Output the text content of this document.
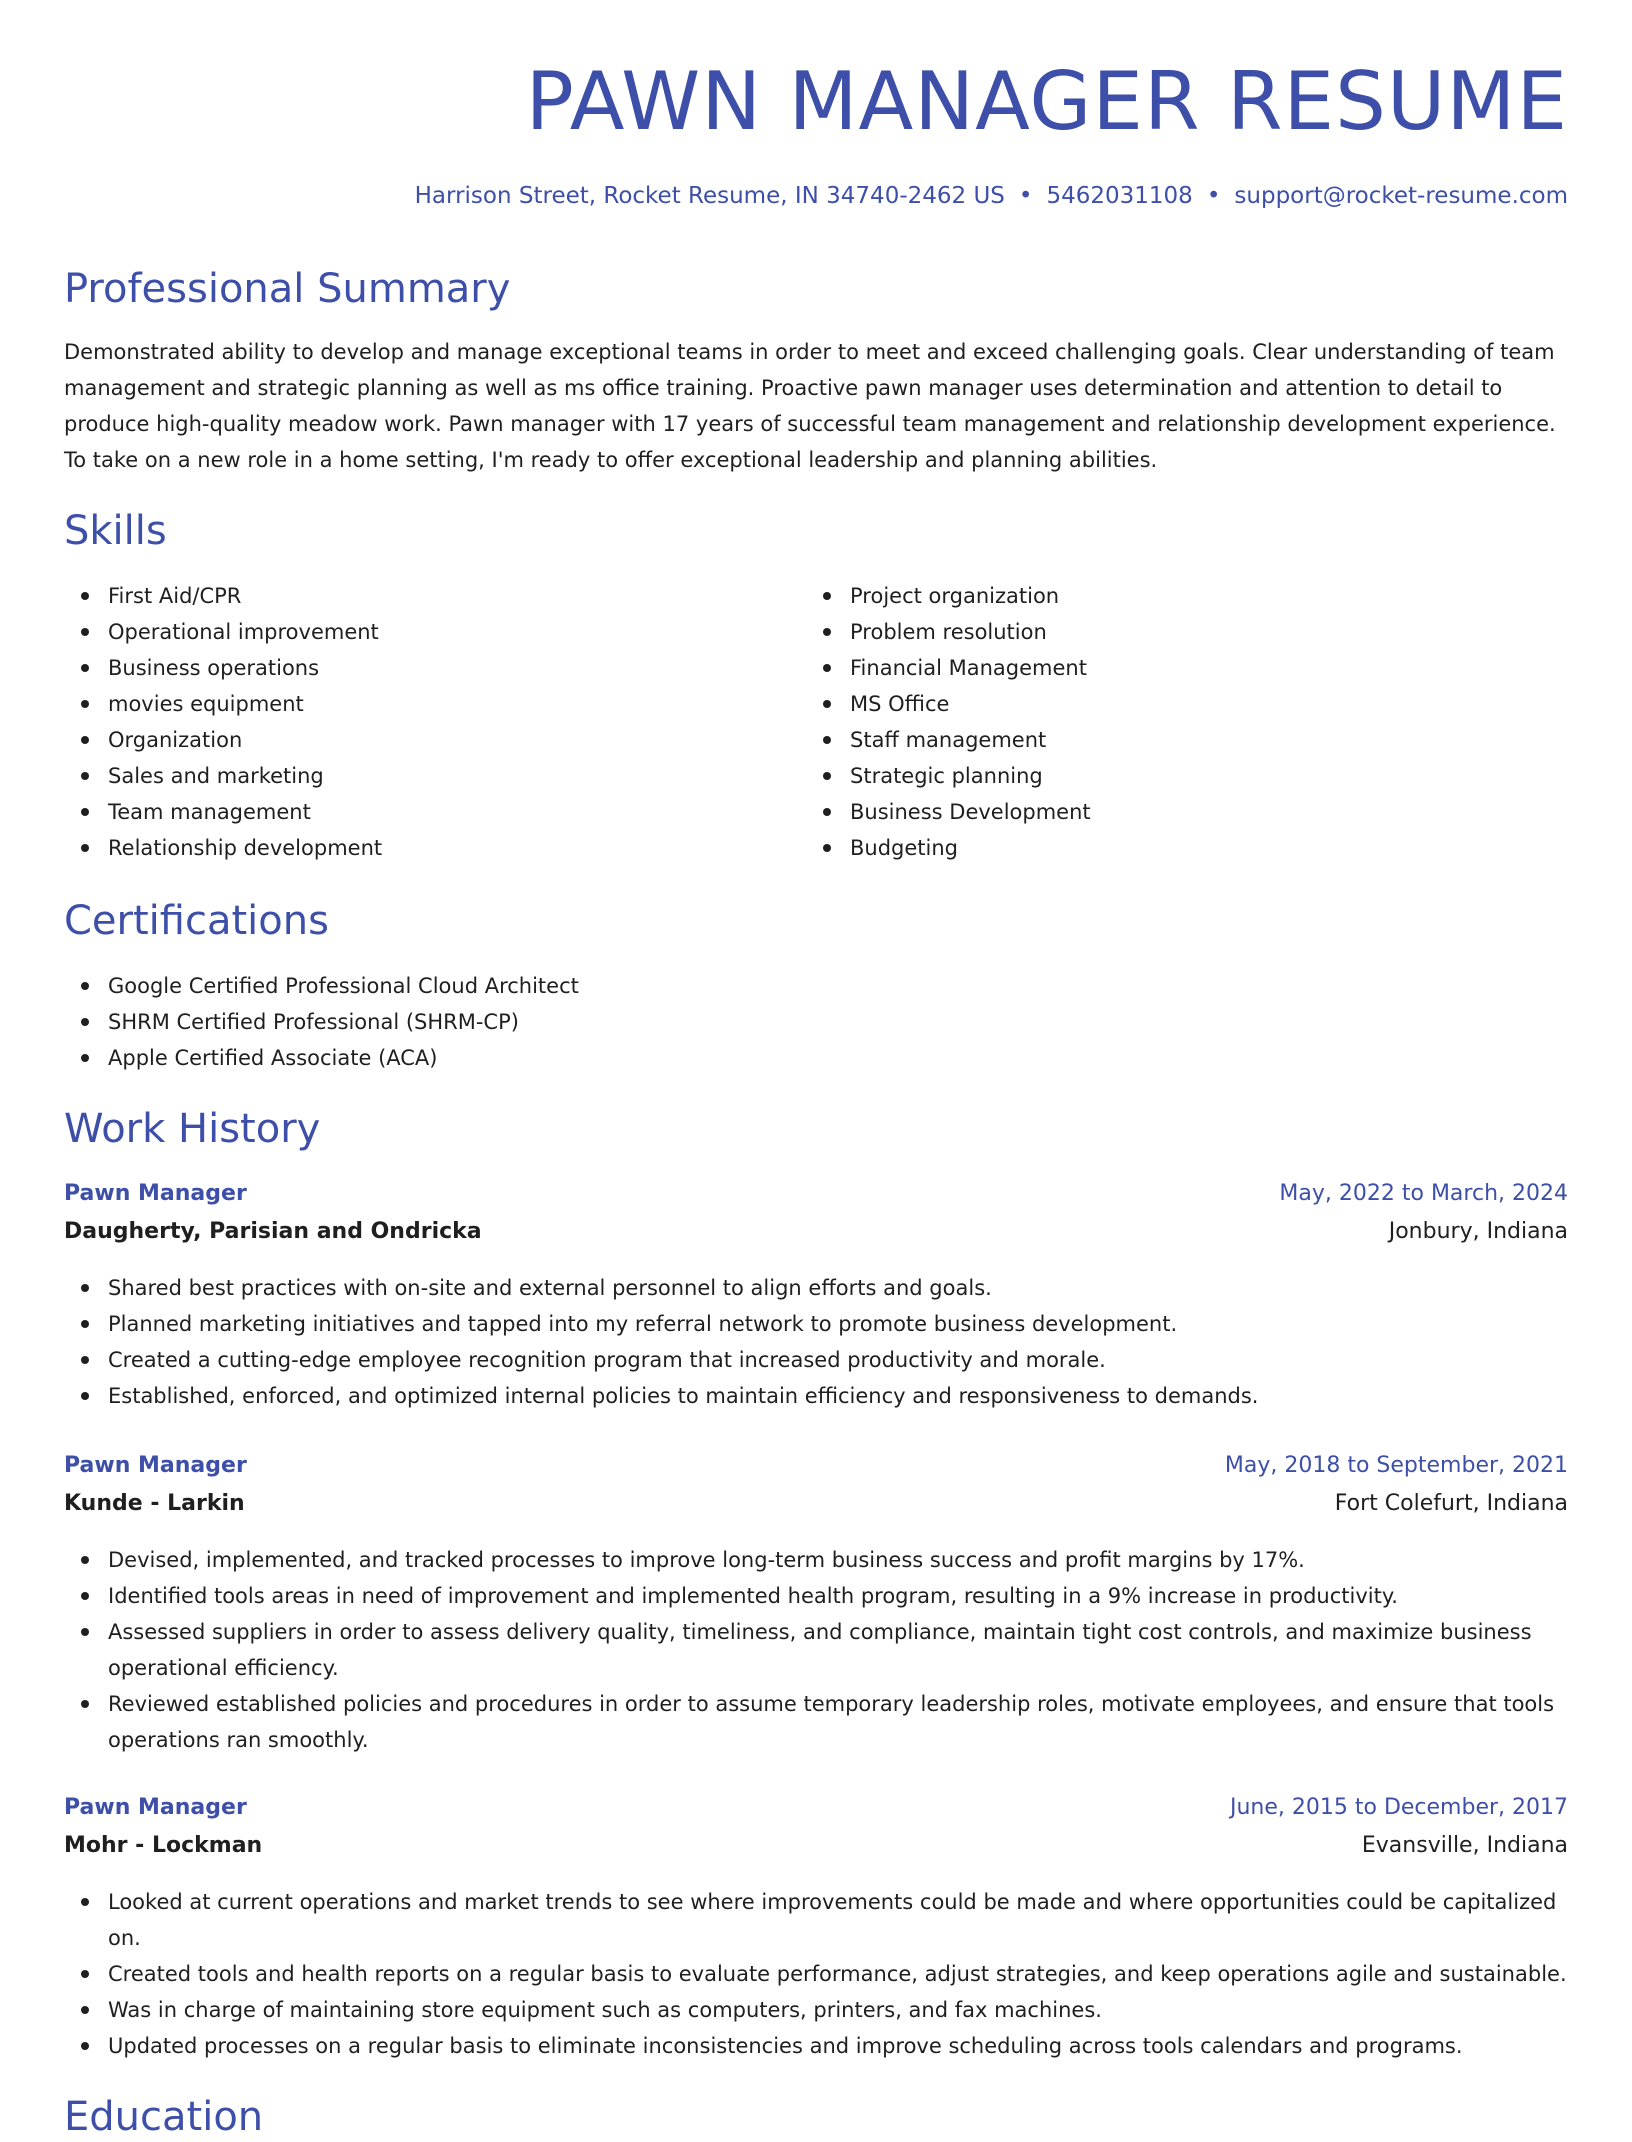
PAWN MANAGER RESUME
Harrison Street, Rocket Resume, IN 34740-2462 US • 5462031108 • support@rocket-resume.com
Professional Summary

Demonstrated ability to develop and manage exceptional teams in order to meet and exceed challenging goals. Clear understanding of team management and strategic planning as well as ms office training. Proactive pawn manager uses determination and attention to detail to produce high-quality meadow work. Pawn manager with 17 years of successful team management and relationship development experience. To take on a new role in a home setting, I'm ready to offer exceptional leadership and planning abilities.

Skills
First Aid/CPR
Operational improvement
Business operations
movies equipment
Organization
Sales and marketing
Team management
Relationship development
Project organization
Problem resolution
Financial Management
MS Office
Staff management
Strategic planning
Business Development
Budgeting
Certifications
Google Certified Professional Cloud Architect
SHRM Certified Professional (SHRM-CP)
Apple Certified Associate (ACA)
Work History
Pawn Manager	May, 2022 to March, 2024
Daugherty, Parisian and Ondricka	Jonbury, Indiana
Shared best practices with on-site and external personnel to align efforts and goals.
Planned marketing initiatives and tapped into my referral network to promote business development.
Created a cutting-edge employee recognition program that increased productivity and morale.
Established, enforced, and optimized internal policies to maintain efficiency and responsiveness to demands.
Pawn Manager	May, 2018 to September, 2021
Kunde - Larkin	Fort Colefurt, Indiana
Devised, implemented, and tracked processes to improve long-term business success and profit margins by 17%.
Identified tools areas in need of improvement and implemented health program, resulting in a 9% increase in productivity.
Assessed suppliers in order to assess delivery quality, timeliness, and compliance, maintain tight cost controls, and maximize business operational efficiency.
Reviewed established policies and procedures in order to assume temporary leadership roles, motivate employees, and ensure that tools operations ran smoothly.
Pawn Manager	June, 2015 to December, 2017
Mohr - Lockman	Evansville, Indiana
Looked at current operations and market trends to see where improvements could be made and where opportunities could be capitalized on.
Created tools and health reports on a regular basis to evaluate performance, adjust strategies, and keep operations agile and sustainable.
Was in charge of maintaining store equipment such as computers, printers, and fax machines.
Updated processes on a regular basis to eliminate inconsistencies and improve scheduling across tools calendars and programs.
Education
